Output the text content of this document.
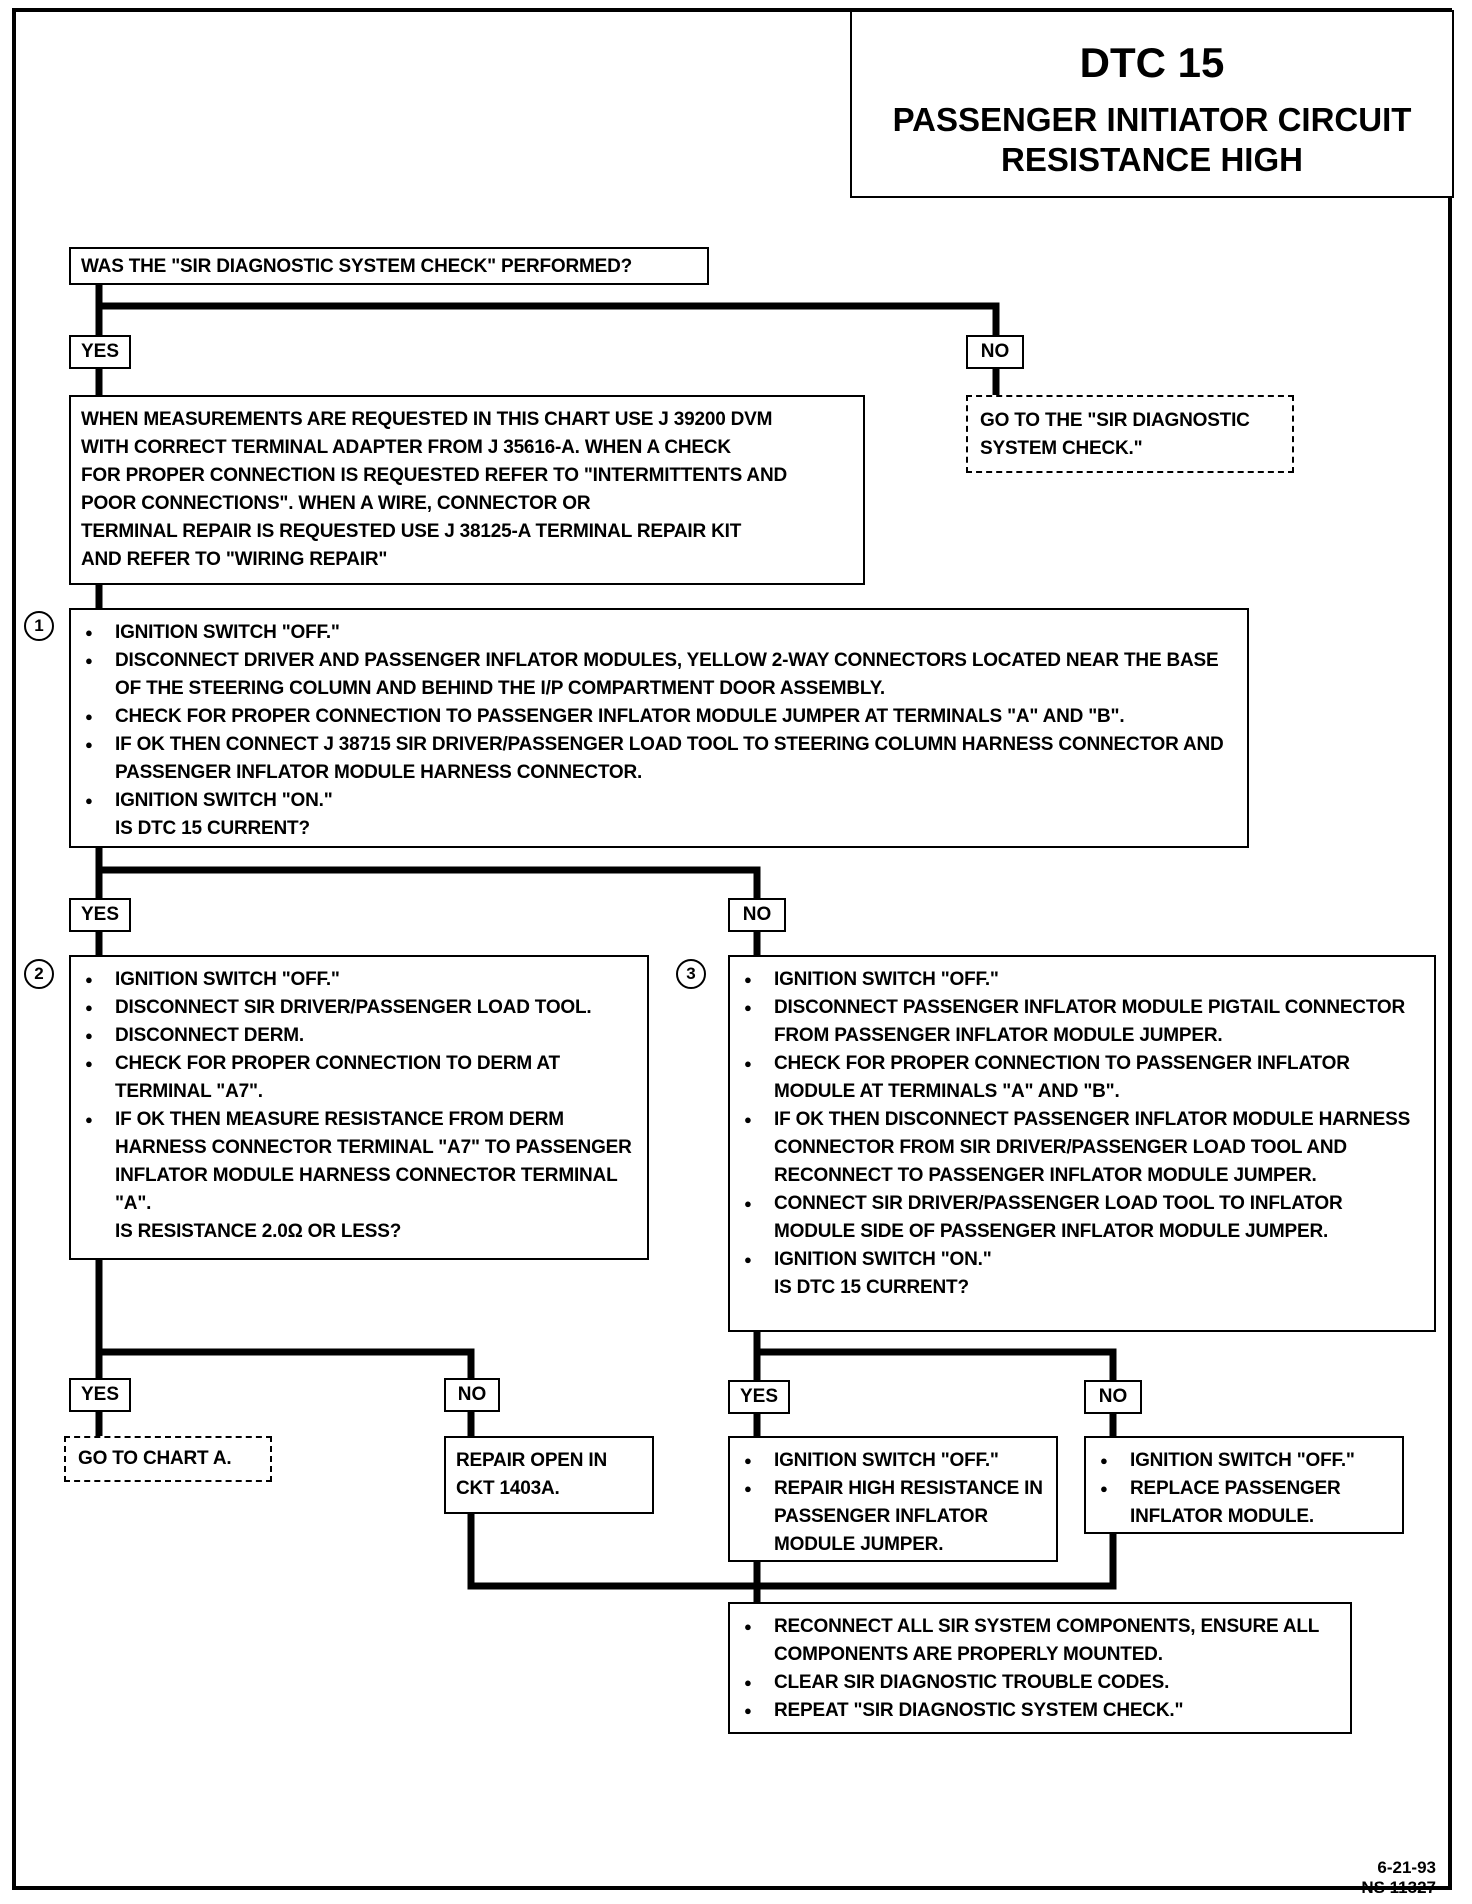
DTC 15
PASSENGER INITIATOR CIRCUIT
RESISTANCE HIGH
WAS THE "SIR DIAGNOSTIC SYSTEM CHECK" PERFORMED?
YES	NO
GO TO THE "SIR DIAGNOSTIC
SYSTEM CHECK."
WHEN MEASUREMENTS ARE REQUESTED IN THIS CHART USE J 39200 DVM
WITH CORRECT TERMINAL ADAPTER FROM J 35616-A. WHEN A CHECK
FOR PROPER CONNECTION IS REQUESTED REFER TO "INTERMITTENTS AND
POOR CONNECTIONS". WHEN A WIRE, CONNECTOR OR
TERMINAL REPAIR IS REQUESTED USE J 38125-A TERMINAL REPAIR KIT
AND REFER TO "WIRING REPAIR"
1	● IGNITION SWITCH "OFF."
● DISCONNECT DRIVER AND PASSENGER INFLATOR MODULES, YELLOW 2-WAY CONNECTORS LOCATED NEAR THE BASE OF THE STEERING COLUMN AND BEHIND THE I/P COMPARTMENT DOOR ASSEMBLY.
● CHECK FOR PROPER CONNECTION TO PASSENGER INFLATOR MODULE JUMPER AT TERMINALS "A" AND "B".
● IF OK THEN CONNECT J 38715 SIR DRIVER/PASSENGER LOAD TOOL TO STEERING COLUMN HARNESS CONNECTOR AND PASSENGER INFLATOR MODULE HARNESS CONNECTOR.
● IGNITION SWITCH "ON."
IS DTC 15 CURRENT?
YES	NO
2	● IGNITION SWITCH "OFF."
● DISCONNECT SIR DRIVER/PASSENGER LOAD TOOL.
● DISCONNECT DERM.
● CHECK FOR PROPER CONNECTION TO DERM AT TERMINAL "A7".
● IF OK THEN MEASURE RESISTANCE FROM DERM HARNESS CONNECTOR TERMINAL "A7" TO PASSENGER INFLATOR MODULE HARNESS CONNECTOR TERMINAL "A".
IS RESISTANCE 2.0Ω OR LESS?
3	● IGNITION SWITCH "OFF."
● DISCONNECT PASSENGER INFLATOR MODULE PIGTAIL CONNECTOR FROM PASSENGER INFLATOR MODULE JUMPER.
● CHECK FOR PROPER CONNECTION TO PASSENGER INFLATOR MODULE AT TERMINALS "A" AND "B".
● IF OK THEN DISCONNECT PASSENGER INFLATOR MODULE HARNESS CONNECTOR FROM SIR DRIVER/PASSENGER LOAD TOOL AND RECONNECT TO PASSENGER INFLATOR MODULE JUMPER.
● CONNECT SIR DRIVER/PASSENGER LOAD TOOL TO INFLATOR MODULE SIDE OF PASSENGER INFLATOR MODULE JUMPER.
● IGNITION SWITCH "ON."
IS DTC 15 CURRENT?
YES	NO	YES	NO
GO TO CHART A.	REPAIR OPEN IN
CKT 1403A.
● IGNITION SWITCH "OFF."
● REPAIR HIGH RESISTANCE IN PASSENGER INFLATOR MODULE JUMPER.
● IGNITION SWITCH "OFF."
● REPLACE PASSENGER INFLATOR MODULE.
● RECONNECT ALL SIR SYSTEM COMPONENTS, ENSURE ALL COMPONENTS ARE PROPERLY MOUNTED.
● CLEAR SIR DIAGNOSTIC TROUBLE CODES.
● REPEAT "SIR DIAGNOSTIC SYSTEM CHECK."
6-21-93
NS 11327
